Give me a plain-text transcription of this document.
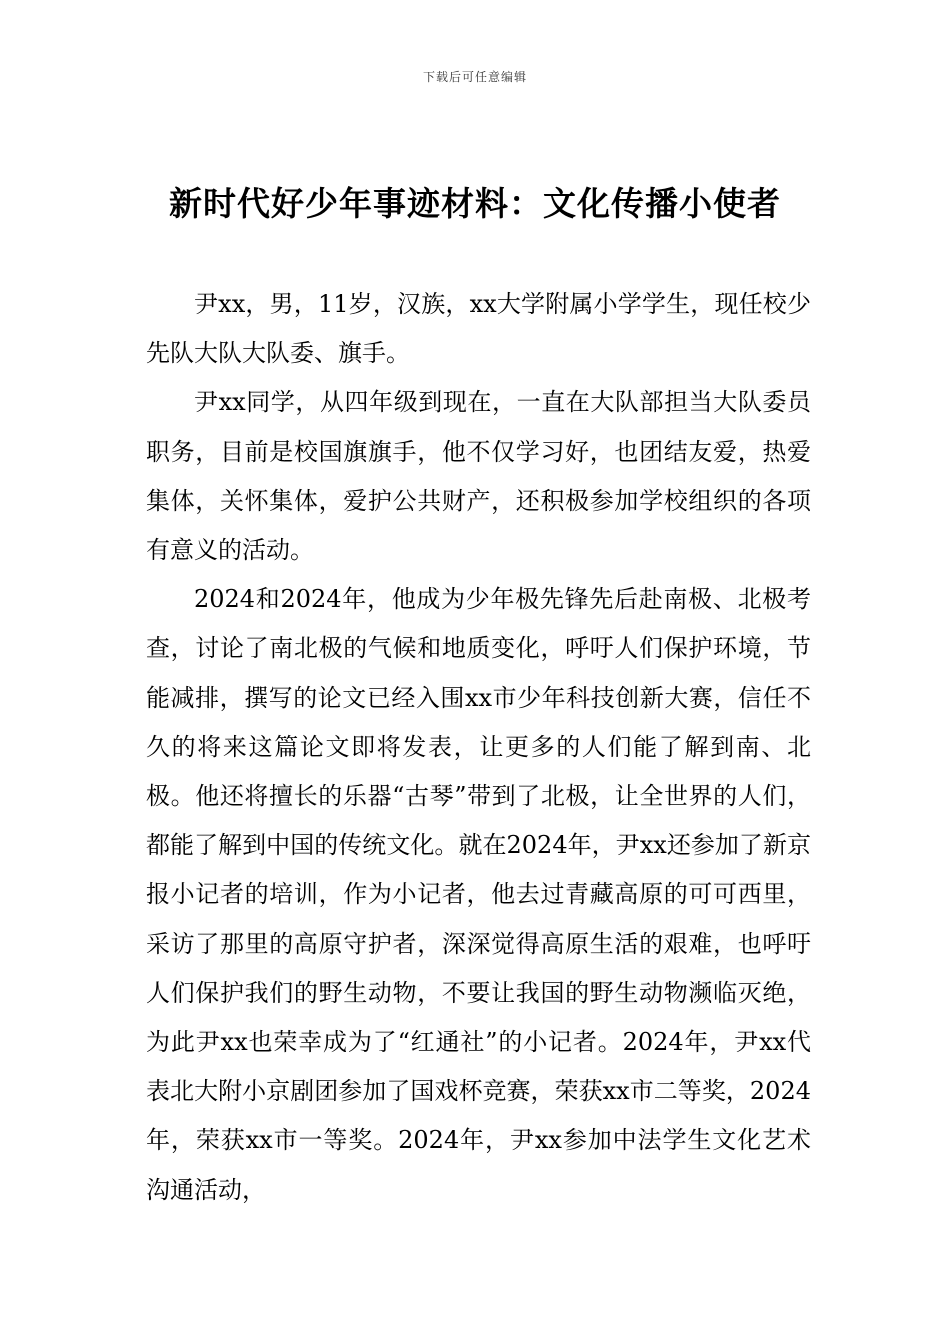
下载后可任意编辑
新时代好少年事迹材料：文化传播小使者

尹xx，男，11岁，汉族，xx大学附属小学学生，现任校少先队大队大队委、旗手。

尹xx同学，从四年级到现在，一直在大队部担当大队委员职务，目前是校国旗旗手，他不仅学习好，也团结友爱，热爱集体，关怀集体，爱护公共财产，还积极参加学校组织的各项有意义的活动。

2024和2024年，他成为少年极先锋先后赴南极、北极考查，讨论了南北极的气候和地质变化，呼吁人们保护环境，节能减排，撰写的论文已经入围xx市少年科技创新大赛，信任不久的将来这篇论文即将发表，让更多的人们能了解到南、北极。他还将擅长的乐器“古琴”带到了北极，让全世界的人们，都能了解到中国的传统文化。就在2024年，尹xx还参加了新京报小记者的培训，作为小记者，他去过青藏高原的可可西里，采访了那里的高原守护者，深深觉得高原生活的艰难，也呼吁人们保护我们的野生动物，不要让我国的野生动物濒临灭绝，为此尹xx也荣幸成为了“红通社”的小记者。2024年，尹xx代表北大附小京剧团参加了国戏杯竞赛，荣获xx市二等奖，2024年，荣获xx市一等奖。2024年，尹xx参加中法学生文化艺术沟通活动，
